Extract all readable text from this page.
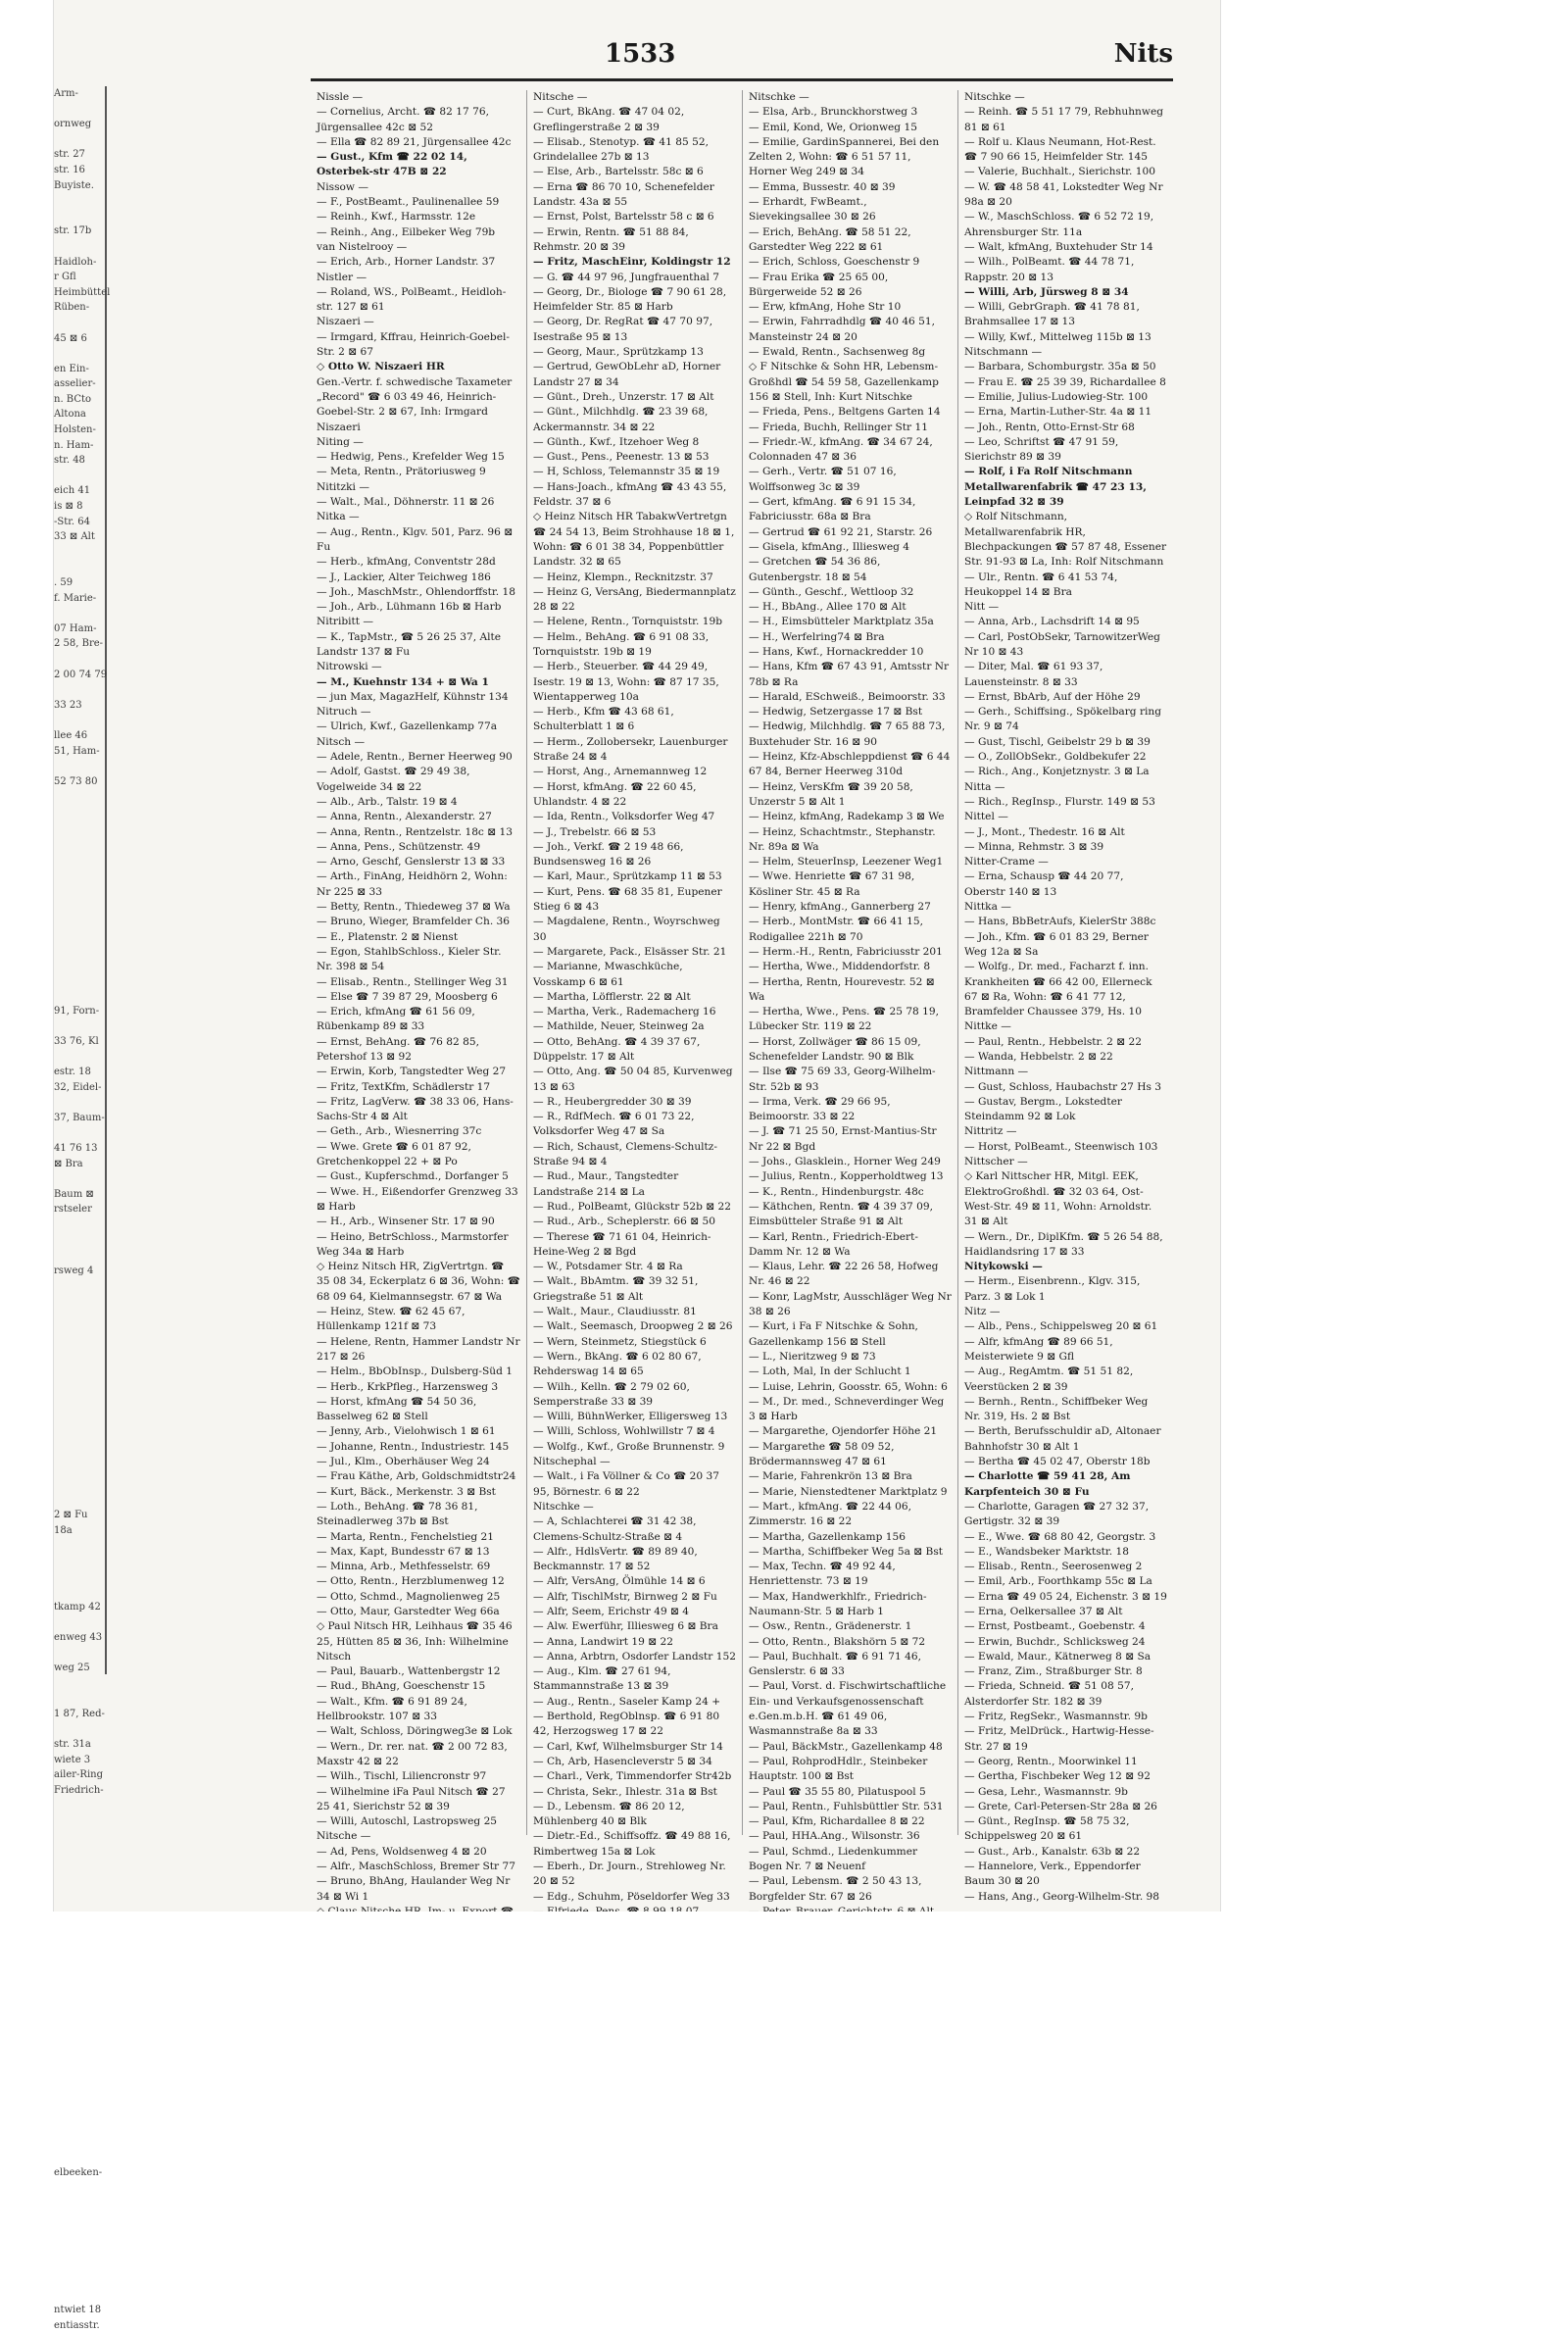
Arm-

ornweg

str. 27
str. 16
Buyiste.

str. 17b

Haidloh-
r Gfl
Heimbüttel
Rüben-

45 ⊠ 6

en Ein-
asselier-
n. BCto
Altona
Holsten-
n. Ham-
str. 48

eich 41
is ⊠ 8
-Str. 64
33 ⊠ Alt

. 59
f. Marie-

07 Ham-
2 58, Bre-

2 00 74 79

33 23

llee 46
51, Ham-

52 73 80

91, Forn-

33 76, Kl

estr. 18
32, Eidel-

37, Baum-

41 76 13
⊠ Bra

Baum ⊠
rstseler

rsweg 4

2 ⊠ Fu
18a

tkamp 42

enweg 43

weg 25

1 87, Red-

str. 31a
wiete 3
ailer-Ring
Friedrich-

elbeeken-

ntwiet 18
entiasstr.
1533	Nits

Nissle —

— Cornelius, Archt. ☎ 82 17 76, Jürgensallee 42c ⊠ 52

— Ella ☎ 82 89 21, Jürgensallee 42c

— Gust., Kfm ☎ 22 02 14, Osterbek-str 47B ⊠ 22

Nissow —

— F., PostBeamt., Paulinenallee 59

— Reinh., Kwf., Harmsstr. 12e

— Reinh., Ang., Eilbeker Weg 79b

van Nistelrooy —

— Erich, Arb., Horner Landstr. 37

Nistler —

— Roland, WS., PolBeamt., Heidloh-str. 127 ⊠ 61

Niszaeri —

— Irmgard, Kffrau, Heinrich-Goebel-Str. 2 ⊠ 67

◇ Otto W. Niszaeri HR

Gen.-Vertr. f. schwedische Taxameter „Record" ☎ 6 03 49 46, Heinrich-Goebel-Str. 2 ⊠ 67, Inh: Irmgard Niszaeri

Niting —

— Hedwig, Pens., Krefelder Weg 15

— Meta, Rentn., Prätoriusweg 9

Nititzki —

— Walt., Mal., Döhnerstr. 11 ⊠ 26

Nitka —

— Aug., Rentn., Klgv. 501, Parz. 96 ⊠ Fu

— Herb., kfmAng, Conventstr 28d

— J., Lackier, Alter Teichweg 186

— Joh., MaschMstr., Ohlendorffstr. 18

— Joh., Arb., Lühmann 16b ⊠ Harb

Nitribitt —

— K., TapMstr., ☎ 5 26 25 37, Alte Landstr 137 ⊠ Fu

Nitrowski —

— M., Kuehnstr 134 + ⊠ Wa 1

— jun Max, MagazHelf, Kühnstr 134

Nitruch —

— Ulrich, Kwf., Gazellenkamp 77a

Nitsch —

— Adele, Rentn., Berner Heerweg 90

— Adolf, Gastst. ☎ 29 49 38, Vogelweide 34 ⊠ 22

— Alb., Arb., Talstr. 19 ⊠ 4

— Anna, Rentn., Alexanderstr. 27

— Anna, Rentn., Rentzelstr. 18c ⊠ 13

— Anna, Pens., Schützenstr. 49

— Arno, Geschf, Genslerstr 13 ⊠ 33

— Arth., FinAng, Heidhörn 2, Wohn: Nr 225 ⊠ 33

— Betty, Rentn., Thiedeweg 37 ⊠ Wa

— Bruno, Wieger, Bramfelder Ch. 36

— E., Platenstr. 2 ⊠ Nienst

— Egon, StahlbSchloss., Kieler Str. Nr. 398 ⊠ 54

— Elisab., Rentn., Stellinger Weg 31

— Else ☎ 7 39 87 29, Moosberg 6

— Erich, kfmAng ☎ 61 56 09, Rübenkamp 89 ⊠ 33

— Ernst, BehAng. ☎ 76 82 85, Petershof 13 ⊠ 92

— Erwin, Korb, Tangstedter Weg 27

— Fritz, TextKfm, Schädlerstr 17

— Fritz, LagVerw. ☎ 38 33 06, Hans-Sachs-Str 4 ⊠ Alt

— Geth., Arb., Wiesnerring 37c

— Wwe. Grete ☎ 6 01 87 92, Gretchenkoppel 22 + ⊠ Po

— Gust., Kupferschmd., Dorfanger 5

— Wwe. H., Eißendorfer Grenzweg 33 ⊠ Harb

— H., Arb., Winsener Str. 17 ⊠ 90

— Heino, BetrSchloss., Marmstorfer Weg 34a ⊠ Harb

◇ Heinz Nitsch HR, ZigVertrtgn. ☎ 35 08 34, Eckerplatz 6 ⊠ 36, Wohn: ☎ 68 09 64, Kielmannsegstr. 67 ⊠ Wa

— Heinz, Stew. ☎ 62 45 67, Hüllenkamp 121f ⊠ 73

— Helene, Rentn, Hammer Landstr Nr 217 ⊠ 26

— Helm., BbObInsp., Dulsberg-Süd 1

— Herb., KrkPfleg., Harzensweg 3

— Horst, kfmAng ☎ 54 50 36, Basselweg 62 ⊠ Stell

— Jenny, Arb., Vielohwisch 1 ⊠ 61

— Johanne, Rentn., Industriestr. 145

— Jul., Klm., Oberhäuser Weg 24

— Frau Käthe, Arb, Goldschmidtstr24

— Kurt, Bäck., Merkenstr. 3 ⊠ Bst

— Loth., BehAng. ☎ 78 36 81, Steinadlerweg 37b ⊠ Bst

— Marta, Rentn., Fenchelstieg 21

— Max, Kapt, Bundesstr 67 ⊠ 13

— Minna, Arb., Methfesselstr. 69

— Otto, Rentn., Herzblumenweg 12

— Otto, Schmd., Magnolienweg 25

— Otto, Maur, Garstedter Weg 66a

◇ Paul Nitsch HR, Leihhaus ☎ 35 46 25, Hütten 85 ⊠ 36, Inh: Wilhelmine Nitsch

— Paul, Bauarb., Wattenbergstr 12

— Rud., BhAng, Goeschenstr 15

— Walt., Kfm. ☎ 6 91 89 24, Hellbrookstr. 107 ⊠ 33

— Walt, Schloss, Döringweg3e ⊠ Lok

— Wern., Dr. rer. nat. ☎ 2 00 72 83, Maxstr 42 ⊠ 22

— Wilh., Tischl, Liliencronstr 97

— Wilhelmine iFa Paul Nitsch ☎ 27 25 41, Sierichstr 52 ⊠ 39

— Willi, Autoschl, Lastropsweg 25

Nitsche —

— Ad, Pens, Woldsenweg 4 ⊠ 20

— Alfr., MaschSchloss, Bremer Str 77

— Bruno, BhAng, Haulander Weg Nr 34 ⊠ Wi 1

Nitsche —

— Curt, BkAng. ☎ 47 04 02, Greflingerstraße 2 ⊠ 39

— Elisab., Stenotyp. ☎ 41 85 52, Grindelallee 27b ⊠ 13

— Else, Arb., Bartelsstr. 58c ⊠ 6

— Erna ☎ 86 70 10, Schenefelder Landstr. 43a ⊠ 55

— Ernst, Polst, Bartelsstr 58 c ⊠ 6

— Erwin, Rentn. ☎ 51 88 84, Rehmstr. 20 ⊠ 39

— Fritz, MaschEinr, Koldingstr 12

— G. ☎ 44 97 96, Jungfrauenthal 7

— Georg, Dr., Biologe ☎ 7 90 61 28, Heimfelder Str. 85 ⊠ Harb

— Georg, Dr. RegRat ☎ 47 70 97, Isestraße 95 ⊠ 13

— Georg, Maur., Sprützkamp 13

— Gertrud, GewObLehr aD, Horner Landstr 27 ⊠ 34

— Günt., Dreh., Unzerstr. 17 ⊠ Alt

— Günt., Milchhdlg. ☎ 23 39 68, Ackermannstr. 34 ⊠ 22

— Günth., Kwf., Itzehoer Weg 8

— Gust., Pens., Peenestr. 13 ⊠ 53

— H, Schloss, Telemannstr 35 ⊠ 19

— Hans-Joach., kfmAng ☎ 43 43 55, Feldstr. 37 ⊠ 6

◇ Heinz Nitsch HR TabakwVertretgn ☎ 24 54 13, Beim Strohhause 18 ⊠ 1, Wohn: ☎ 6 01 38 34, Poppenbüttler Landstr. 32 ⊠ 65

— Heinz, Klempn., Recknitzstr. 37

— Heinz G, VersAng, Biedermannplatz 28 ⊠ 22

— Helene, Rentn., Tornquiststr. 19b

— Helm., BehAng. ☎ 6 91 08 33, Tornquiststr. 19b ⊠ 19

— Herb., Steuerber. ☎ 44 29 49, Isestr. 19 ⊠ 13, Wohn: ☎ 87 17 35, Wientapperweg 10a

— Herb., Kfm ☎ 43 68 61, Schulterblatt 1 ⊠ 6

— Herm., Zollobersekr, Lauenburger Straße 24 ⊠ 4

— Horst, Ang., Arnemannweg 12

— Horst, kfmAng. ☎ 22 60 45, Uhlandstr. 4 ⊠ 22

— Ida, Rentn., Volksdorfer Weg 47

— J., Trebelstr. 66 ⊠ 53

— Joh., Verkf. ☎ 2 19 48 66, Bundsensweg 16 ⊠ 26

— Karl, Maur., Sprützkamp 11 ⊠ 53

— Kurt, Pens. ☎ 68 35 81, Eupener Stieg 6 ⊠ 43

— Magdalene, Rentn., Woyrschweg 30

— Margarete, Pack., Elsässer Str. 21

— Marianne, Mwaschküche, Vosskamp 6 ⊠ 61

— Martha, Löfflerstr. 22 ⊠ Alt

— Martha, Verk., Rademacherg 16

— Mathilde, Neuer, Steinweg 2a

— Otto, BehAng. ☎ 4 39 37 67, Düppelstr. 17 ⊠ Alt

— Otto, Ang. ☎ 50 04 85, Kurvenweg 13 ⊠ 63

— R., Heubergredder 30 ⊠ 39

— R., RdfMech. ☎ 6 01 73 22, Volksdorfer Weg 47 ⊠ Sa

— Rich, Schaust, Clemens-Schultz-Straße 94 ⊠ 4

— Rud., Maur., Tangstedter Landstraße 214 ⊠ La

— Rud., PolBeamt, Glückstr 52b ⊠ 22

— Rud., Arb., Scheplerstr. 66 ⊠ 50

— Therese ☎ 71 61 04, Heinrich-Heine-Weg 2 ⊠ Bgd

— W., Potsdamer Str. 4 ⊠ Ra

— Walt., BbAmtm. ☎ 39 32 51, Griegstraße 51 ⊠ Alt

— Walt., Maur., Claudiusstr. 81

— Walt., Seemasch, Droopweg 2 ⊠ 26

— Wern, Steinmetz, Stiegstück 6

— Wern., BkAng. ☎ 6 02 80 67, Rehderswag 14 ⊠ 65

— Wilh., Kelln. ☎ 2 79 02 60, Semperstraße 33 ⊠ 39

— Willi, BühnWerker, Elligersweg 13

— Willi, Schloss, Wohlwillstr 7 ⊠ 4

— Wolfg., Kwf., Große Brunnenstr. 9

Nitschephal —

— Walt., i Fa Völlner & Co ☎ 20 37 95, Börnestr. 6 ⊠ 22

Nitschke —

— A, Schlachterei ☎ 31 42 38, Clemens-Schultz-Straße ⊠ 4

— Alfr., HdlsVertr. ☎ 89 89 40, Beckmannstr. 17 ⊠ 52

— Alfr, VersAng, Ölmühle 14 ⊠ 6

— Alfr, TischlMstr, Birnweg 2 ⊠ Fu

— Alfr, Seem, Erichstr 49 ⊠ 4

— Alw. Ewerführ, Illiesweg 6 ⊠ Bra

— Anna, Landwirt 19 ⊠ 22

— Anna, Arbtrn, Osdorfer Landstr 152

— Aug., Klm. ☎ 27 61 94, Stammannstraße 13 ⊠ 39

— Aug., Rentn., Saseler Kamp 24 +

— Berthold, RegOblnsp. ☎ 6 91 80 42, Herzogsweg 17 ⊠ 22

— Carl, Kwf, Wilhelmsburger Str 14

— Ch, Arb, Hasencleverstr 5 ⊠ 34

— Charl., Verk, Timmendorfer Str42b

— Christa, Sekr., Ihlestr. 31a ⊠ Bst

— D., Lebensm. ☎ 86 20 12, Mühlenberg 40 ⊠ Blk

— Dietr.-Ed., Schiffsoffz. ☎ 49 88 16, Rimbertweg 15a ⊠ Lok

— Eberh., Dr. Journ., Strehloweg Nr. 20 ⊠ 52

— Edg., Schuhm, Pöseldorfer Weg 33

Nitschke —

— Elsa, Arb., Brunckhorstweg 3

— Emil, Kond, We, Orionweg 15

— Emilie, GardinSpannerei, Bei den Zelten 2, Wohn: ☎ 6 51 57 11, Horner Weg 249 ⊠ 34

— Emma, Bussestr. 40 ⊠ 39

— Erhardt, FwBeamt., Sievekingsallee 30 ⊠ 26

— Erich, BehAng. ☎ 58 51 22, Garstedter Weg 222 ⊠ 61

— Erich, Schloss, Goeschenstr 9

— Frau Erika ☎ 25 65 00, Bürgerweide 52 ⊠ 26

— Erw, kfmAng, Hohe Str 10

— Erwin, Fahrradhdlg ☎ 40 46 51, Mansteinstr 24 ⊠ 20

— Ewald, Rentn., Sachsenweg 8g

◇ F Nitschke & Sohn HR, Lebensm-Großhdl ☎ 54 59 58, Gazellenkamp 156 ⊠ Stell, Inh: Kurt Nitschke

— Frieda, Pens., Beltgens Garten 14

— Frieda, Buchh, Rellinger Str 11

— Friedr.-W., kfmAng. ☎ 34 67 24, Colonnaden 47 ⊠ 36

— Gerh., Vertr. ☎ 51 07 16, Wolffsonweg 3c ⊠ 39

— Gert, kfmAng. ☎ 6 91 15 34, Fabriciusstr. 68a ⊠ Bra

— Gertrud ☎ 61 92 21, Starstr. 26

— Gisela, kfmAng., Illiesweg 4

— Gretchen ☎ 54 36 86, Gutenbergstr. 18 ⊠ 54

— Günth., Geschf., Wettloop 32

— H., BbAng., Allee 170 ⊠ Alt

— H., Eimsbütteler Marktplatz 35a

— H., Werfelring74 ⊠ Bra

— Hans, Kwf., Hornackredder 10

— Hans, Kfm ☎ 67 43 91, Amtsstr Nr 78b ⊠ Ra

— Harald, ESchweiß., Beimoorstr. 33

— Hedwig, Setzergasse 17 ⊠ Bst

— Hedwig, Milchhdlg. ☎ 7 65 88 73, Buxtehuder Str. 16 ⊠ 90

— Heinz, Kfz-Abschleppdienst ☎ 6 44 67 84, Berner Heerweg 310d

— Heinz, VersKfm ☎ 39 20 58, Unzerstr 5 ⊠ Alt 1

— Heinz, kfmAng, Radekamp 3 ⊠ We

— Heinz, Schachtmstr., Stephanstr. Nr. 89a ⊠ Wa

— Helm, SteuerInsp, Leezener Weg1

— Wwe. Henriette ☎ 67 31 98, Kösliner Str. 45 ⊠ Ra

— Henry, kfmAng., Gannerberg 27

— Herb., MontMstr. ☎ 66 41 15, Rodigallee 221h ⊠ 70

— Herm.-H., Rentn, Fabriciusstr 201

— Hertha, Wwe., Middendorfstr. 8

— Hertha, Rentn, Hourevestr. 52 ⊠ Wa

— Hertha, Wwe., Pens. ☎ 25 78 19, Lübecker Str. 119 ⊠ 22

— Horst, Zollwäger ☎ 86 15 09, Schenefelder Landstr. 90 ⊠ Blk

— Ilse ☎ 75 69 33, Georg-Wilhelm-Str. 52b ⊠ 93

— Irma, Verk. ☎ 29 66 95, Beimoorstr. 33 ⊠ 22

— J. ☎ 71 25 50, Ernst-Mantius-Str Nr 22 ⊠ Bgd

— Johs., Glasklein., Horner Weg 249

— Julius, Rentn., Kopperholdtweg 13

— K., Rentn., Hindenburgstr. 48c

— Käthchen, Rentn. ☎ 4 39 37 09, Eimsbütteler Straße 91 ⊠ Alt

— Karl, Rentn., Friedrich-Ebert-Damm Nr. 12 ⊠ Wa

— Klaus, Lehr. ☎ 22 26 58, Hofweg Nr. 46 ⊠ 22

— Konr, LagMstr, Ausschläger Weg Nr 38 ⊠ 26

— Kurt, i Fa F Nitschke & Sohn, Gazellenkamp 156 ⊠ Stell

— L., Nieritzweg 9 ⊠ 73

— Loth, Mal, In der Schlucht 1

— Luise, Lehrin, Goosstr. 65, Wohn: 6

— M., Dr. med., Schneverdinger Weg 3 ⊠ Harb

— Margarethe, Ojendorfer Höhe 21

— Margarethe ☎ 58 09 52, Brödermannsweg 47 ⊠ 61

— Marie, Fahrenkrön 13 ⊠ Bra

— Marie, Nienstedtener Marktplatz 9

— Mart., kfmAng. ☎ 22 44 06, Zimmerstr. 16 ⊠ 22

— Martha, Gazellenkamp 156

— Martha, Schiffbeker Weg 5a ⊠ Bst

— Max, Techn. ☎ 49 92 44, Henriettenstr. 73 ⊠ 19

— Max, Handwerkhlfr., Friedrich-Naumann-Str. 5 ⊠ Harb 1

— Osw., Rentn., Grädenerstr. 1

— Otto, Rentn., Blakshörn 5 ⊠ 72

— Paul, Buchhalt. ☎ 6 91 71 46, Genslerstr. 6 ⊠ 33

— Paul, Vorst. d. Fischwirtschaftliche Ein- und Verkaufsgenossenschaft e.Gen.m.b.H. ☎ 61 49 06, Wasmannstraße 8a ⊠ 33

— Paul, BäckMstr., Gazellenkamp 48

— Paul, RohprodHdlr., Steinbeker Hauptstr. 100 ⊠ Bst

— Paul ☎ 35 55 80, Pilatuspool 5

— Paul, Rentn., Fuhlsbüttler Str. 531

— Paul, Kfm, Richardallee 8 ⊠ 22

— Paul, HHA.Ang., Wilsonstr. 36

— Paul, Schmd., Liedenkummer Bogen Nr. 7 ⊠ Neuenf

— Paul, Lebensm. ☎ 2 50 43 13, Borgfelder Str. 67 ⊠ 26

Nitschke —

— Reinh. ☎ 5 51 17 79, Rebhuhnweg 81 ⊠ 61

— Rolf u. Klaus Neumann, Hot-Rest. ☎ 7 90 66 15, Heimfelder Str. 145

— Valerie, Buchhalt., Sierichstr. 100

— W. ☎ 48 58 41, Lokstedter Weg Nr 98a ⊠ 20

— W., MaschSchloss. ☎ 6 52 72 19, Ahrensburger Str. 11a

— Walt, kfmAng, Buxtehuder Str 14

— Wilh., PolBeamt. ☎ 44 78 71, Rappstr. 20 ⊠ 13

— Willi, Arb, Jürsweg 8 ⊠ 34

— Willi, GebrGraph. ☎ 41 78 81, Brahmsallee 17 ⊠ 13

— Willy, Kwf., Mittelweg 115b ⊠ 13

Nitschmann —

— Barbara, Schomburgstr. 35a ⊠ 50

— Frau E. ☎ 25 39 39, Richardallee 8

— Emilie, Julius-Ludowieg-Str. 100

— Erna, Martin-Luther-Str. 4a ⊠ 11

— Joh., Rentn, Otto-Ernst-Str 68

— Leo, Schriftst ☎ 47 91 59, Sierichstr 89 ⊠ 39

— Rolf, i Fa Rolf Nitschmann Metallwarenfabrik ☎ 47 23 13, Leinpfad 32 ⊠ 39

◇ Rolf Nitschmann, Metallwarenfabrik HR, Blechpackungen ☎ 57 87 48, Essener Str. 91-93 ⊠ La, Inh: Rolf Nitschmann

— Ulr., Rentn. ☎ 6 41 53 74, Heukoppel 14 ⊠ Bra

Nitt —

— Anna, Arb., Lachsdrift 14 ⊠ 95

— Carl, PostObSekr, TarnowitzerWeg Nr 10 ⊠ 43

— Diter, Mal. ☎ 61 93 37, Lauensteinstr. 8 ⊠ 33

— Ernst, BbArb, Auf der Höhe 29

— Gerh., Schiffsing., Spökelbarg ring Nr. 9 ⊠ 74

— Gust, Tischl, Geibelstr 29 b ⊠ 39

— O., ZollObSekr., Goldbekufer 22

— Rich., Ang., Konjetznystr. 3 ⊠ La

Nitta —

— Rich., RegInsp., Flurstr. 149 ⊠ 53

Nittel —

— J., Mont., Thedestr. 16 ⊠ Alt

— Minna, Rehmstr. 3 ⊠ 39

Nitter-Crame —

— Erna, Schausp ☎ 44 20 77, Oberstr 140 ⊠ 13

Nittka —

— Hans, BbBetrAufs, KielerStr 388c

— Joh., Kfm. ☎ 6 01 83 29, Berner Weg 12a ⊠ Sa

— Wolfg., Dr. med., Facharzt f. inn. Krankheiten ☎ 66 42 00, Ellerneck 67 ⊠ Ra, Wohn: ☎ 6 41 77 12, Bramfelder Chaussee 379, Hs. 10

Nittke —

— Paul, Rentn., Hebbelstr. 2 ⊠ 22

— Wanda, Hebbelstr. 2 ⊠ 22

Nittmann —

— Gust, Schloss, Haubachstr 27 Hs 3

— Gustav, Bergm., Lokstedter Steindamm 92 ⊠ Lok

Nittritz —

— Horst, PolBeamt., Steenwisch 103

Nittscher —

◇ Karl Nittscher HR, Mitgl. EEK, ElektroGroßhdl. ☎ 32 03 64, Ost-West-Str. 49 ⊠ 11, Wohn: Arnoldstr. 31 ⊠ Alt

— Wern., Dr., DiplKfm. ☎ 5 26 54 88, Haidlandsring 17 ⊠ 33

Nitykowski —

— Herm., Eisenbrenn., Klgv. 315, Parz. 3 ⊠ Lok 1

Nitz —

— Alb., Pens., Schippelsweg 20 ⊠ 61

— Alfr, kfmAng ☎ 89 66 51, Meisterwiete 9 ⊠ Gfl

— Aug., RegAmtm. ☎ 51 51 82, Veerstücken 2 ⊠ 39

— Bernh., Rentn., Schiffbeker Weg Nr. 319, Hs. 2 ⊠ Bst

— Berth, Berufsschuldir aD, Altonaer Bahnhofstr 30 ⊠ Alt 1

— Bertha ☎ 45 02 47, Oberstr 18b

— Charlotte ☎ 59 41 28, Am Karpfenteich 30 ⊠ Fu

— Charlotte, Garagen ☎ 27 32 37, Gertigstr. 32 ⊠ 39

— E., Wwe. ☎ 68 80 42, Georgstr. 3

— E., Wandsbeker Marktstr. 18

— Elisab., Rentn., Seerosenweg 2

— Emil, Arb., Foorthkamp 55c ⊠ La

— Erna ☎ 49 05 24, Eichenstr. 3 ⊠ 19

— Erna, Oelkersallee 37 ⊠ Alt

— Ernst, Postbeamt., Goebenstr. 4

— Erwin, Buchdr., Schlicksweg 24

— Ewald, Maur., Kätnerweg 8 ⊠ Sa

— Franz, Zim., Straßburger Str. 8

— Frieda, Schneid. ☎ 51 08 57, Alsterdorfer Str. 182 ⊠ 39

— Fritz, RegSekr., Wasmannstr. 9b

— Fritz, MelDrück., Hartwig-Hesse-Str. 27 ⊠ 19

— Georg, Rentn., Moorwinkel 11

— Gertha, Fischbeker Weg 12 ⊠ 92

— Gesa, Lehr., Wasmannstr. 9b

— Grete, Carl-Petersen-Str 28a ⊠ 26

— Günt., RegInsp. ☎ 58 75 32, Schippelsweg 20 ⊠ 61

— Gust., Arb., Kanalstr. 63b ⊠ 22

— Hannelore, Verk., Eppendorfer Baum 30 ⊠ 20

— Hans, Ang., Georg-Wilhelm-Str. 98
